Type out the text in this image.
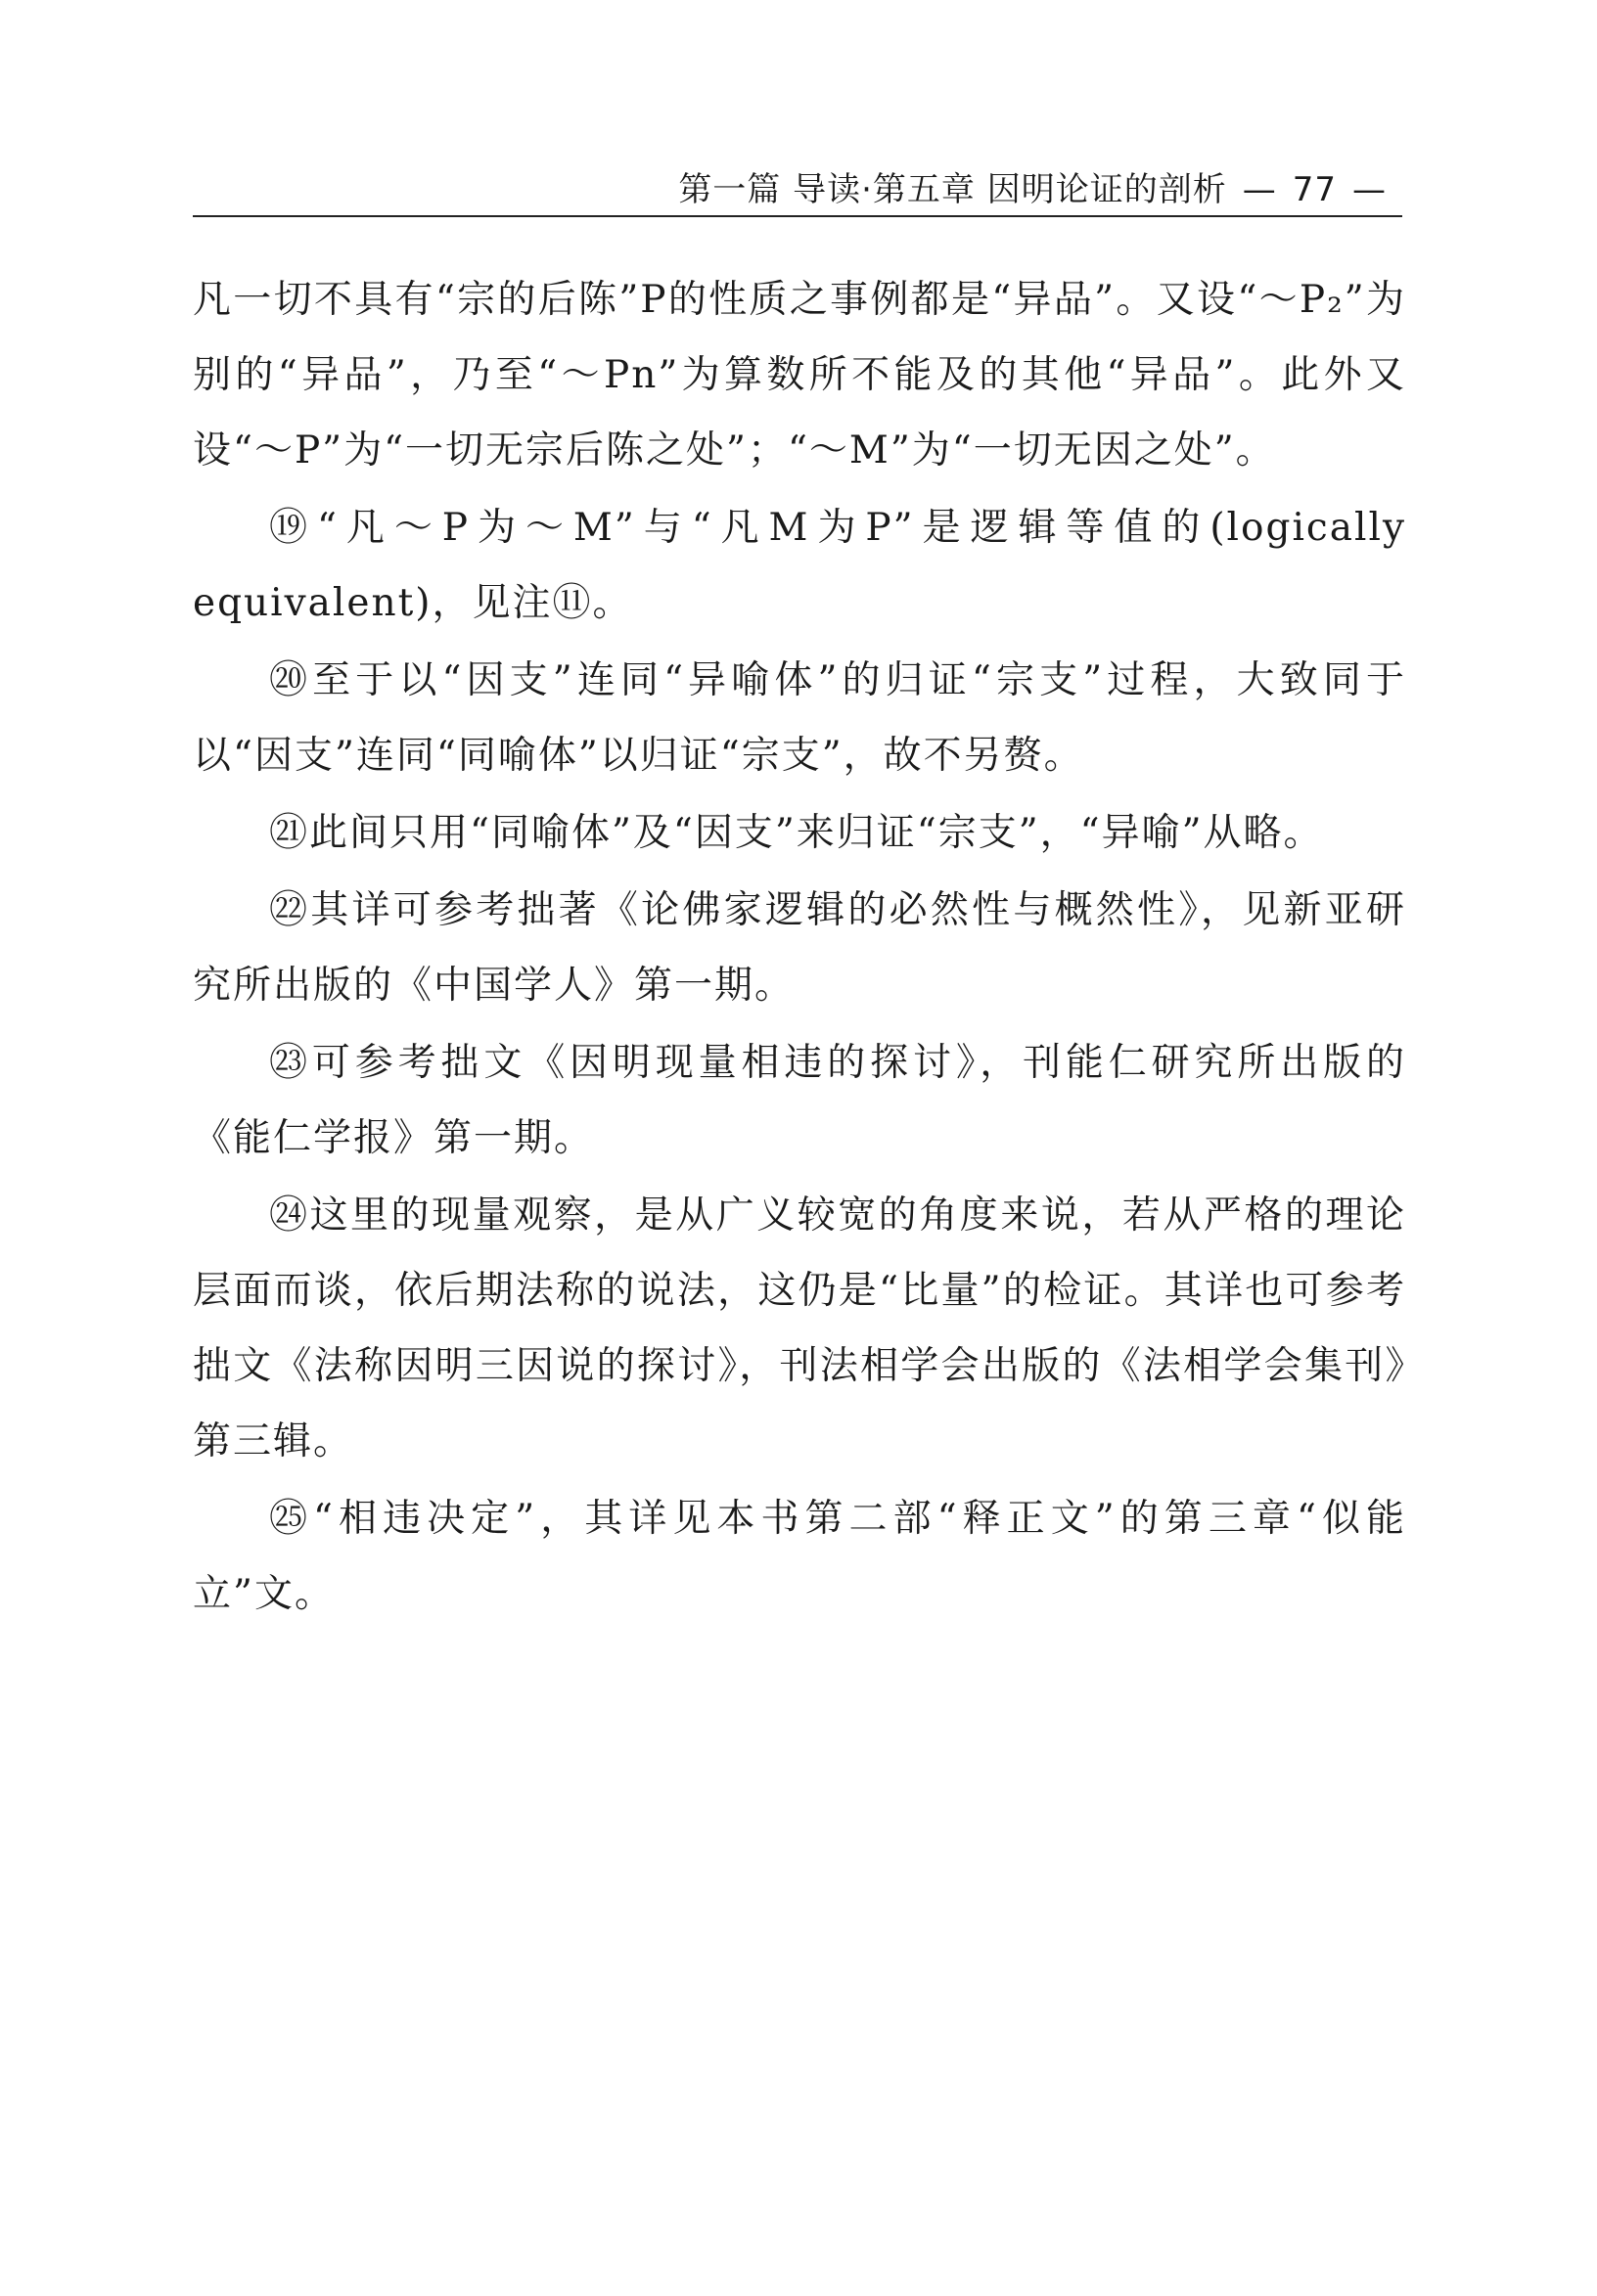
第一篇 导读·第五章 因明论证的剖析 — 77 —

凡一切不具有“宗的后陈”P的性质之事例都是“异品”。又设“～P₂”为别的“异品”，乃至“～Pn”为算数所不能及的其他“异品”。此外又设“～P”为“一切无宗后陈之处”；“～M”为“一切无因之处”。

⑲“凡～P为～M”与“凡M为P”是逻辑等值的(logically equivalent)，见注⑪。

⑳至于以“因支”连同“异喻体”的归证“宗支”过程，大致同于以“因支”连同“同喻体”以归证“宗支”，故不另赘。

㉑此间只用“同喻体”及“因支”来归证“宗支”，“异喻”从略。

㉒其详可参考拙著《论佛家逻辑的必然性与概然性》，见新亚研究所出版的《中国学人》第一期。

㉓可参考拙文《因明现量相违的探讨》，刊能仁研究所出版的《能仁学报》第一期。

㉔这里的现量观察，是从广义较宽的角度来说，若从严格的理论层面而谈，依后期法称的说法，这仍是“比量”的检证。其详也可参考拙文《法称因明三因说的探讨》，刊法相学会出版的《法相学会集刊》第三辑。

㉕“相违决定”，其详见本书第二部“释正文”的第三章“似能立”文。
